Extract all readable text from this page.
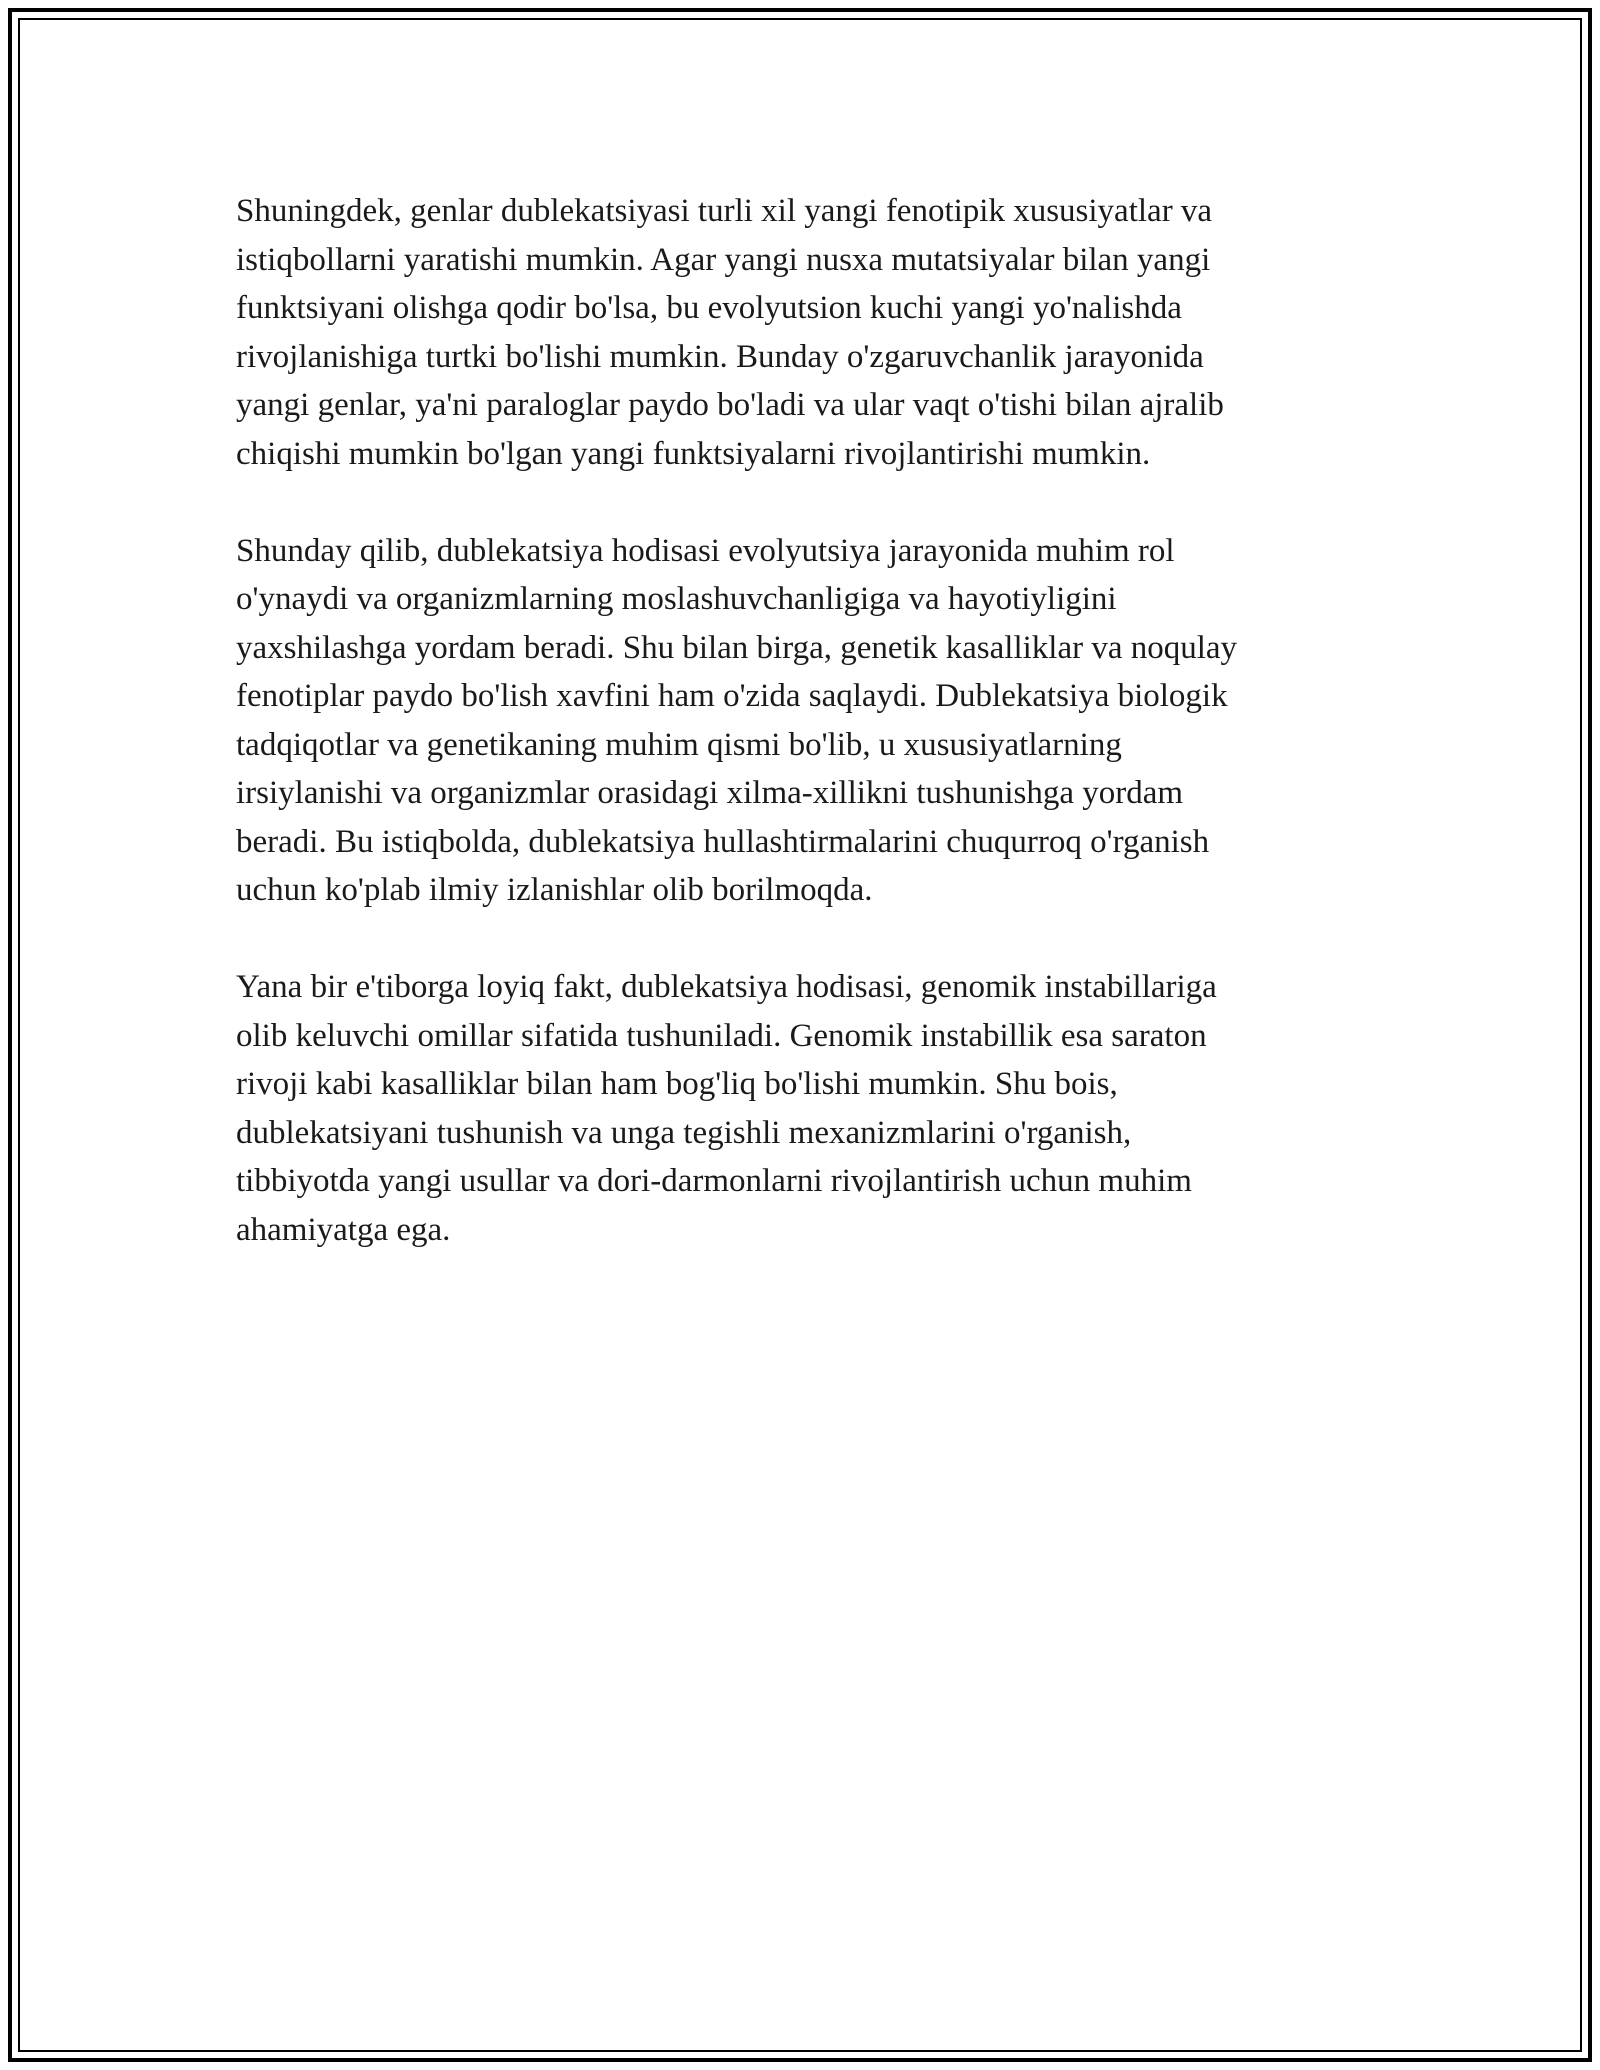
Shuningdek, genlar dublekatsiyasi turli xil yangi fenotipik xususiyatlar va
istiqbollarni yaratishi mumkin. Agar yangi nusxa mutatsiyalar bilan yangi
funktsiyani olishga qodir bo'lsa, bu evolyutsion kuchi yangi yo'nalishda
rivojlanishiga turtki bo'lishi mumkin. Bunday o'zgaruvchanlik jarayonida
yangi genlar, ya'ni paraloglar paydo bo'ladi va ular vaqt o'tishi bilan ajralib
chiqishi mumkin bo'lgan yangi funktsiyalarni rivojlantirishi mumkin.

Shunday qilib, dublekatsiya hodisasi evolyutsiya jarayonida muhim rol
o'ynaydi va organizmlarning moslashuvchanligiga va hayotiyligini
yaxshilashga yordam beradi. Shu bilan birga, genetik kasalliklar va noqulay
fenotiplar paydo bo'lish xavfini ham o'zida saqlaydi. Dublekatsiya biologik
tadqiqotlar va genetikaning muhim qismi bo'lib, u xususiyatlarning
irsiylanishi va organizmlar orasidagi xilma-xillikni tushunishga yordam
beradi. Bu istiqbolda, dublekatsiya hullashtirmalarini chuqurroq o'rganish
uchun ko'plab ilmiy izlanishlar olib borilmoqda.

Yana bir e'tiborga loyiq fakt, dublekatsiya hodisasi, genomik instabillariga
olib keluvchi omillar sifatida tushuniladi. Genomik instabillik esa saraton
rivoji kabi kasalliklar bilan ham bog'liq bo'lishi mumkin. Shu bois,
dublekatsiyani tushunish va unga tegishli mexanizmlarini o'rganish,
tibbiyotda yangi usullar va dori-darmonlarni rivojlantirish uchun muhim
ahamiyatga ega.
